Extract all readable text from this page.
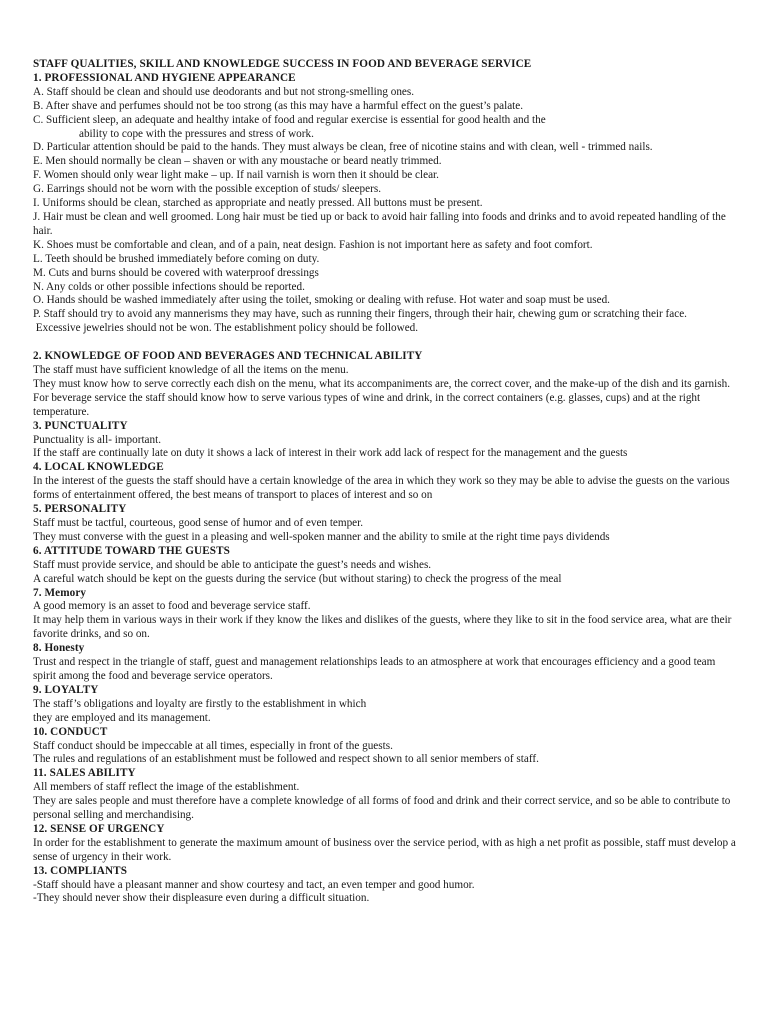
STAFF QUALITIES, SKILL AND KNOWLEDGE SUCCESS IN FOOD AND BEVERAGE SERVICE
1. PROFESSIONAL AND HYGIENE APPEARANCE
A. Staff should be clean and should use deodorants and but not strong-smelling ones.
B. After shave and perfumes should not be too strong (as this may have a harmful effect on the guest’s palate.
C. Sufficient sleep, an adequate and healthy intake of food and regular exercise is essential for good health and the
ability to cope with the pressures and stress of work.
D. Particular attention should be paid to the hands. They must always be clean, free of nicotine stains and with clean, well - trimmed nails.
E. Men should normally be clean – shaven or with any moustache or beard neatly trimmed.
F. Women should only wear light make – up. If nail varnish is worn then it should be clear.
G. Earrings should not be worn with the possible exception of studs/ sleepers.
I. Uniforms should be clean, starched as appropriate and neatly pressed. All buttons must be present.
J. Hair must be clean and well groomed. Long hair must be tied up or back to avoid hair falling into foods and drinks and to avoid repeated handling of the hair.
K. Shoes must be comfortable and clean, and of a pain, neat design. Fashion is not important here as safety and foot comfort.
L. Teeth should be brushed immediately before coming on duty.
M. Cuts and burns should be covered with waterproof dressings
N. Any colds or other possible infections should be reported.
O. Hands should be washed immediately after using the toilet, smoking or dealing with refuse. Hot water and soap must be used.
P. Staff should try to avoid any mannerisms they may have, such as running their fingers, through their hair, chewing gum or scratching their face.
Excessive jewelries should not be won. The establishment policy should be followed.
2. KNOWLEDGE OF FOOD AND BEVERAGES AND TECHNICAL ABILITY
The staff must have sufficient knowledge of all the items on the menu.
They must know how to serve correctly each dish on the menu, what its accompaniments are, the correct cover, and the make-up of the dish and its garnish.
For beverage service the staff should know how to serve various types of wine and drink, in the correct containers (e.g. glasses, cups) and at the right temperature.
3. PUNCTUALITY
Punctuality is all- important.
If the staff are continually late on duty it shows a lack of interest in their work add lack of respect for the management and the guests
4. LOCAL KNOWLEDGE
In the interest of the guests the staff should have a certain knowledge of the area in which they work so they may be able to advise the guests on the various forms of entertainment offered, the best means of transport to places of interest and so on
5. PERSONALITY
Staff must be tactful, courteous, good sense of humor and of even temper.
They must converse with the guest in a pleasing and well-spoken manner and the ability to smile at the right time pays dividends
6. ATTITUDE TOWARD THE GUESTS
Staff must provide service, and should be able to anticipate the guest’s needs and wishes.
A careful watch should be kept on the guests during the service (but without staring) to check the progress of the meal
7. Memory
A good memory is an asset to food and beverage service staff.
It may help them in various ways in their work if they know the likes and dislikes of the guests, where they like to sit in the food service area, what are their favorite drinks, and so on.
8. Honesty
Trust and respect in the triangle of staff, guest and management relationships leads to an atmosphere at work that encourages efficiency and a good team spirit among the food and beverage service operators.
9. LOYALTY
The staff’s obligations and loyalty are firstly to the establishment in which
they are employed and its management.
10. CONDUCT
Staff conduct should be impeccable at all times, especially in front of the guests.
The rules and regulations of an establishment must be followed and respect shown to all senior members of staff.
11. SALES ABILITY
All members of staff reflect the image of the establishment.
They are sales people and must therefore have a complete knowledge of all forms of food and drink and their correct service, and so be able to contribute to personal selling and merchandising.
12. SENSE OF URGENCY
In order for the establishment to generate the maximum amount of business over the service period, with as high a net profit as possible, staff must develop a sense of urgency in their work.
13. COMPLIANTS
-Staff should have a pleasant manner and show courtesy and tact, an even temper and good humor.
-They should never show their displeasure even during a difficult situation.
